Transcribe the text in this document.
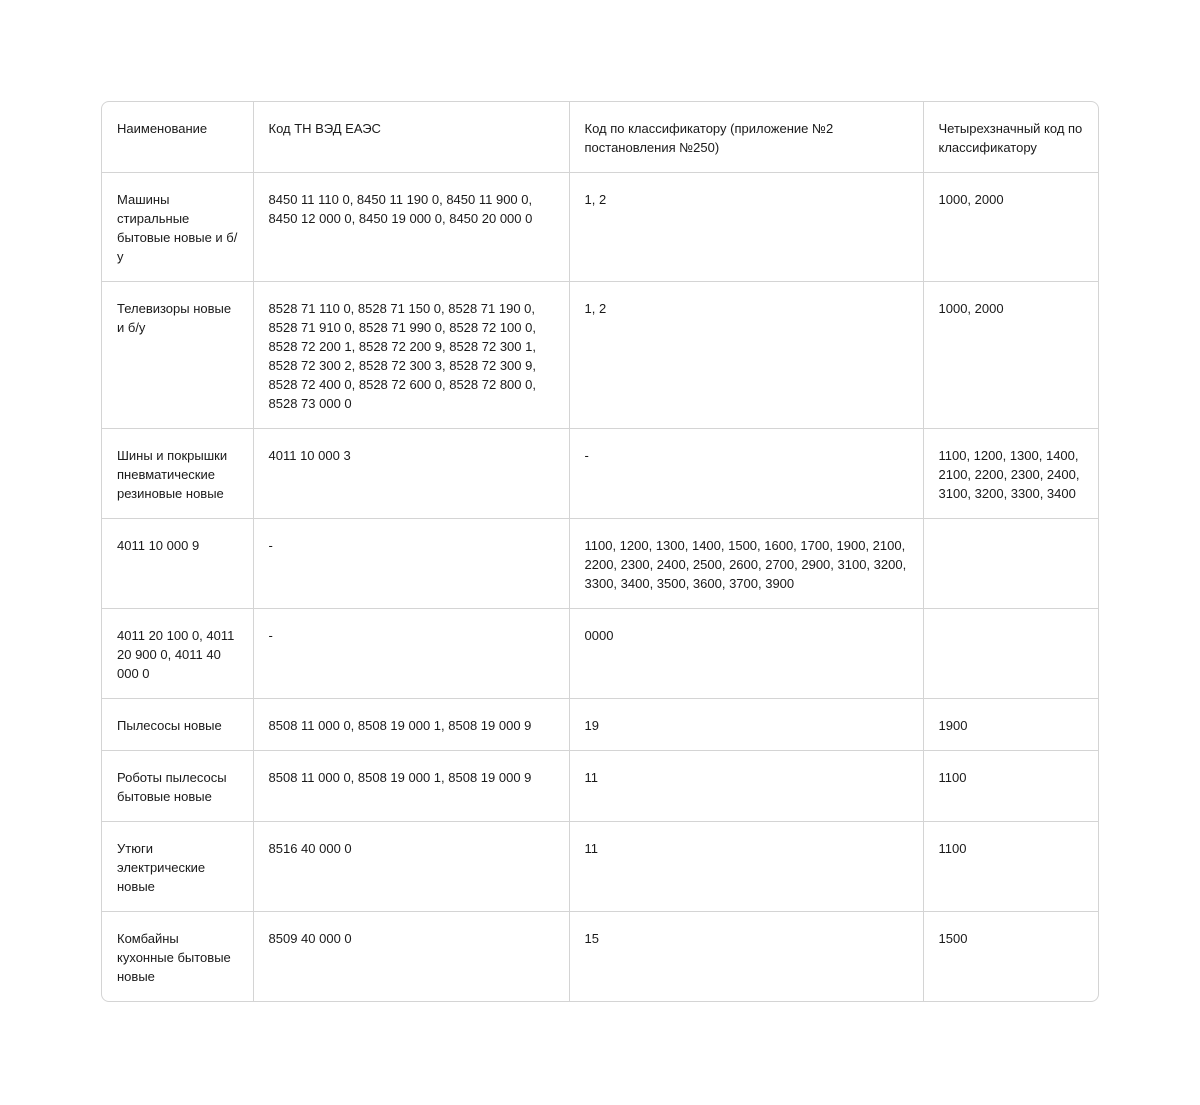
Наименование	Код ТН ВЭД ЕАЭС	Код по классификатору (приложение №2 постановления №250)	Четырехзначный код по классификатору
Машины стиральные бытовые новые и б/у	8450 11 110 0, 8450 11 190 0, 8450 11 900 0, 8450 12 000 0, 8450 19 000 0, 8450 20 000 0	1, 2	1000, 2000
Телевизоры новые и б/у	8528 71 110 0, 8528 71 150 0, 8528 71 190 0, 8528 71 910 0, 8528 71 990 0, 8528 72 100 0, 8528 72 200 1, 8528 72 200 9, 8528 72 300 1, 8528 72 300 2, 8528 72 300 3, 8528 72 300 9, 8528 72 400 0, 8528 72 600 0, 8528 72 800 0, 8528 73 000 0	1, 2	1000, 2000
Шины и покрышки пневматические резиновые новые	4011 10 000 3	-	1100, 1200, 1300, 1400, 2100, 2200, 2300, 2400, 3100, 3200, 3300, 3400
4011 10 000 9	-	1100, 1200, 1300, 1400, 1500, 1600, 1700, 1900, 2100, 2200, 2300, 2400, 2500, 2600, 2700, 2900, 3100, 3200, 3300, 3400, 3500, 3600, 3700, 3900	
4011 20 100 0, 4011 20 900 0, 4011 40 000 0	-	0000	
Пылесосы новые	8508 11 000 0, 8508 19 000 1, 8508 19 000 9	19	1900
Роботы пылесосы бытовые новые	8508 11 000 0, 8508 19 000 1, 8508 19 000 9	11	1100
Утюги электрические новые	8516 40 000 0	11	1100
Комбайны кухонные бытовые новые	8509 40 000 0	15	1500
